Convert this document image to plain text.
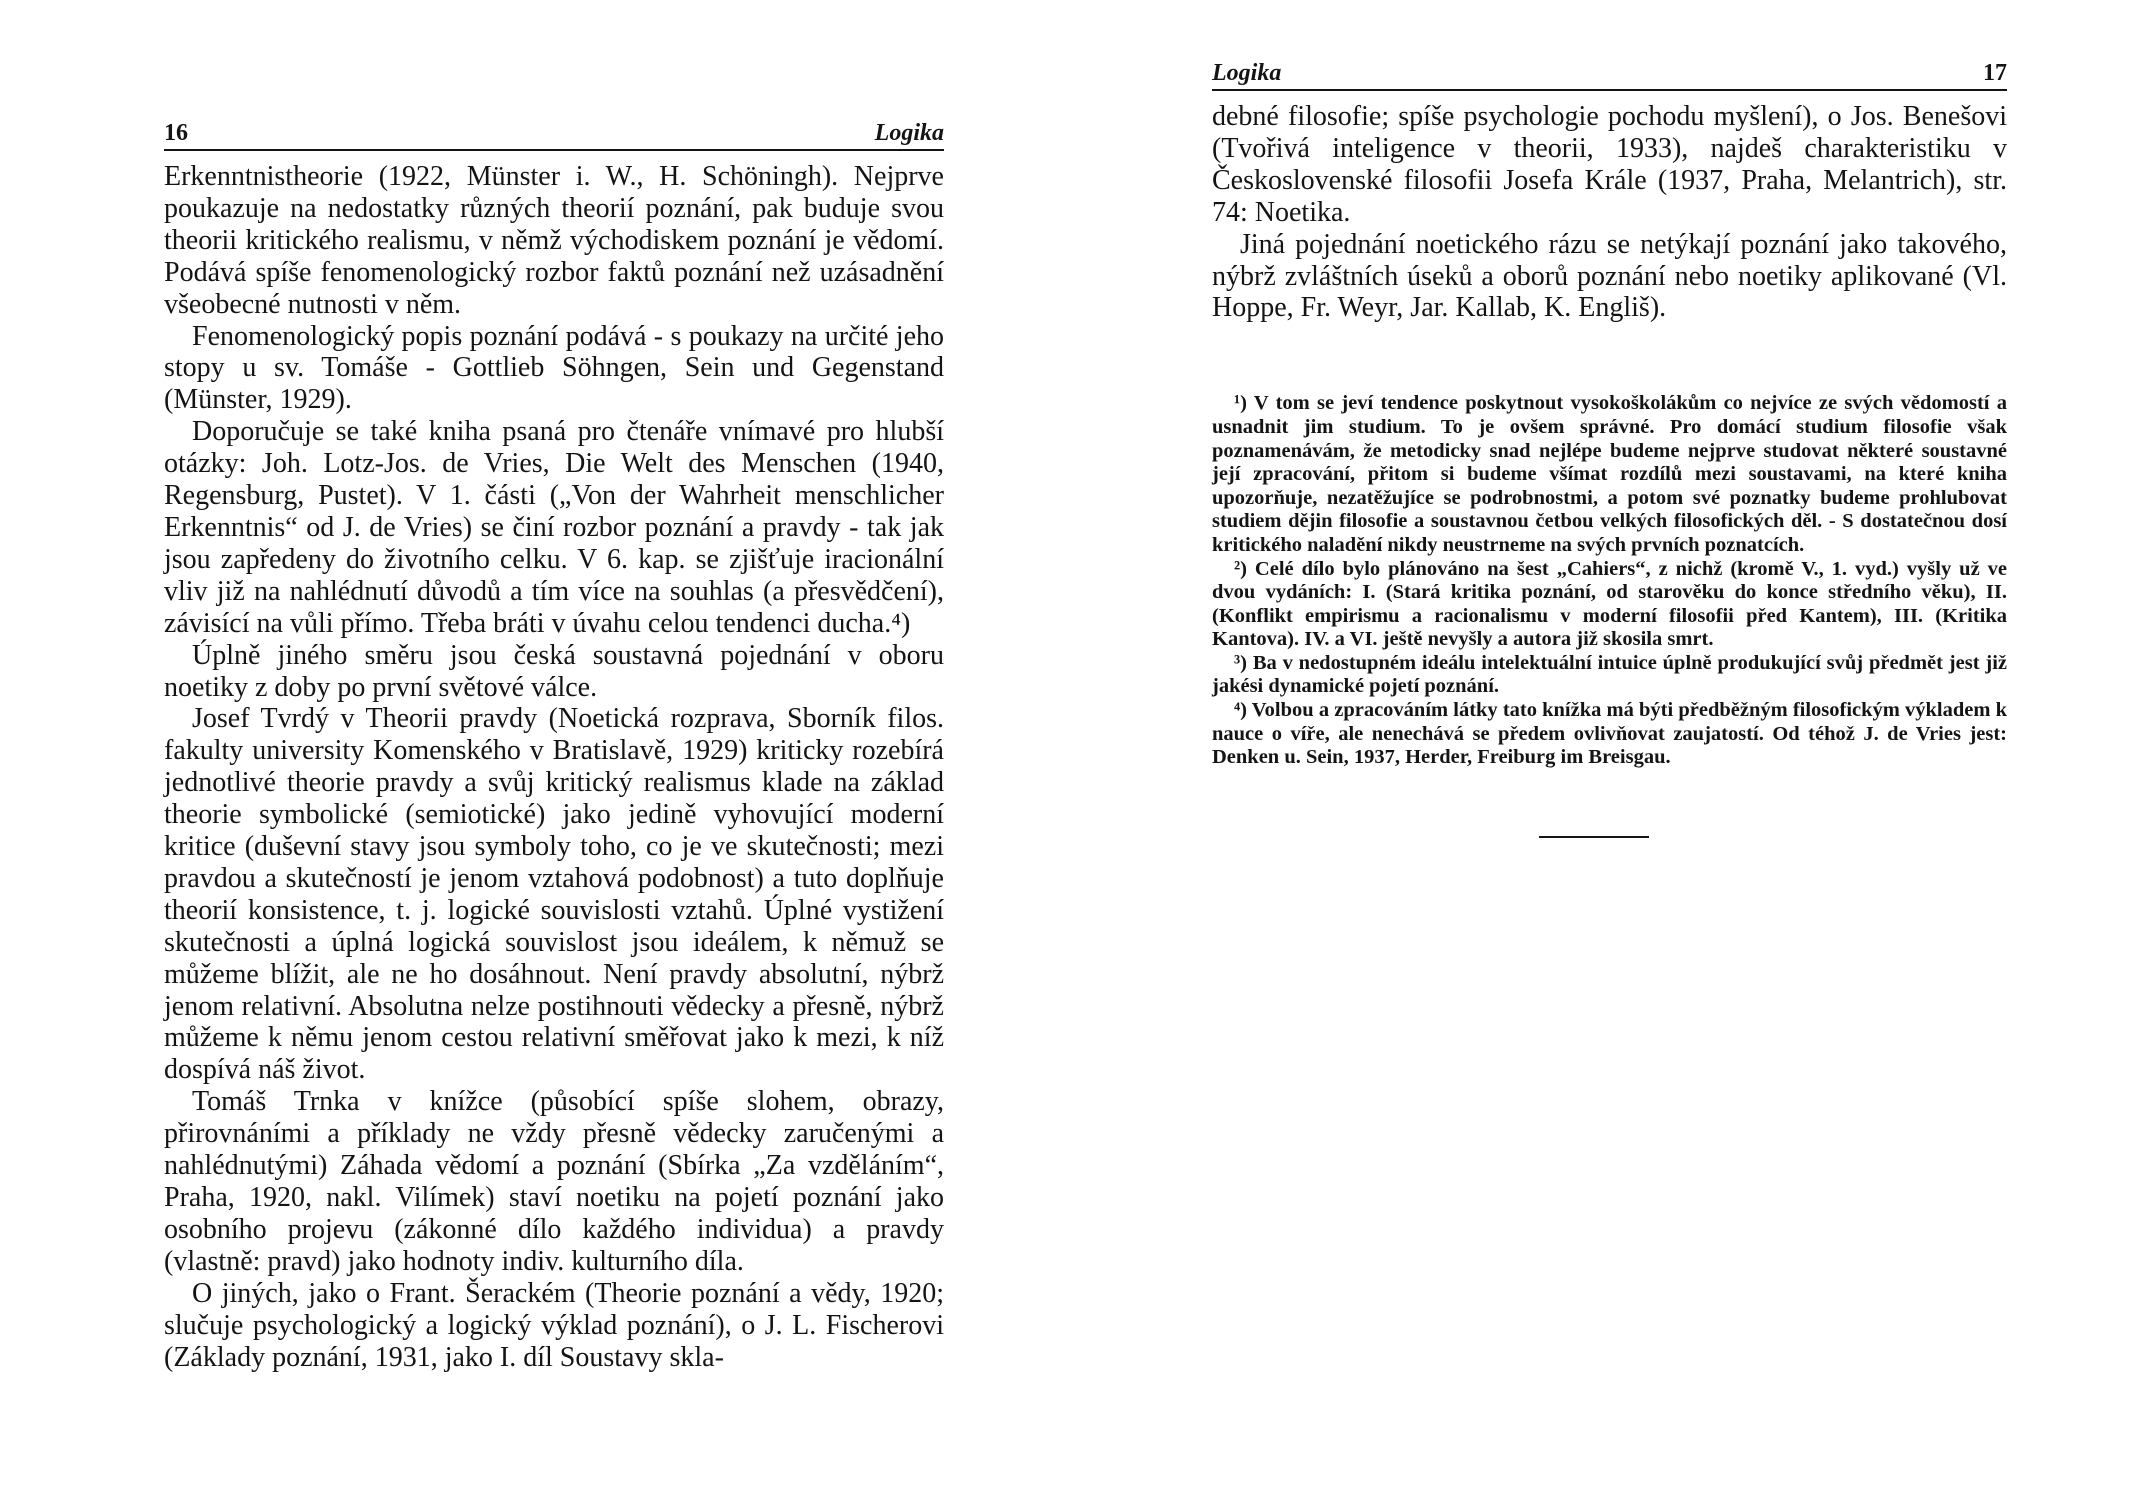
16	Logika

Erkenntnistheorie (1922, Münster i. W., H. Schöningh). Nejprve poukazuje na nedostatky různých theorií poznání, pak buduje svou theorii kritického realismu, v němž východiskem poznání je vědomí. Podává spíše fenomenologický rozbor faktů poznání než uzásadnění všeobecné nutnosti v něm.

Fenomenologický popis poznání podává - s poukazy na určité jeho stopy u sv. Tomáše - Gottlieb Söhngen, Sein und Gegenstand (Münster, 1929).

Doporučuje se také kniha psaná pro čtenáře vnímavé pro hlubší otázky: Joh. Lotz-Jos. de Vries, Die Welt des Menschen (1940, Regensburg, Pustet). V 1. části („Von der Wahrheit menschlicher Erkenntnis“ od J. de Vries) se činí rozbor poznání a pravdy - tak jak jsou zapředeny do životního celku. V 6. kap. se zjišťuje iracionální vliv již na nahlédnutí důvodů a tím více na souhlas (a přesvědčení), závisící na vůli přímo. Třeba bráti v úvahu celou tendenci ducha.⁴)

Úplně jiného směru jsou česká soustavná pojednání v oboru noetiky z doby po první světové válce.

Josef Tvrdý v Theorii pravdy (Noetická rozprava, Sborník filos. fakulty university Komenského v Bratislavě, 1929) kriticky rozebírá jednotlivé theorie pravdy a svůj kritický realismus klade na základ theorie symbolické (semiotické) jako jedině vyhovující moderní kritice (duševní stavy jsou symboly toho, co je ve skutečnosti; mezi pravdou a skutečností je jenom vztahová podobnost) a tuto doplňuje theorií konsistence, t. j. logické souvislosti vztahů. Úplné vystižení skutečnosti a úplná logická souvislost jsou ideálem, k němuž se můžeme blížit, ale ne ho dosáhnout. Není pravdy absolutní, nýbrž jenom relativní. Absolutna nelze postihnouti vědecky a přesně, nýbrž můžeme k němu jenom cestou relativní směřovat jako k mezi, k níž dospívá náš život.

Tomáš Trnka v knížce (působící spíše slohem, obrazy, přirovnáními a příklady ne vždy přesně vědecky zaručenými a nahlédnutými) Záhada vědomí a poznání (Sbírka „Za vzděláním“, Praha, 1920, nakl. Vilímek) staví noetiku na pojetí poznání jako osobního projevu (zákonné dílo každého individua) a pravdy (vlastně: pravd) jako hodnoty indiv. kulturního díla.

O jiných, jako o Frant. Šerackém (Theorie poznání a vědy, 1920; slučuje psychologický a logický výklad poznání), o J. L. Fischerovi (Základy poznání, 1931, jako I. díl Soustavy skla-

Logika	17

debné filosofie; spíše psychologie pochodu myšlení), o Jos. Benešovi (Tvořivá inteligence v theorii, 1933), najdeš charakteristiku v Československé filosofii Josefa Krále (1937, Praha, Melantrich), str. 74: Noetika.

Jiná pojednání noetického rázu se netýkají poznání jako takového, nýbrž zvláštních úseků a oborů poznání nebo noetiky aplikované (Vl. Hoppe, Fr. Weyr, Jar. Kallab, K. Engliš).

¹) V tom se jeví tendence poskytnout vysokoškolákům co nejvíce ze svých vědomostí a usnadnit jim studium. To je ovšem správné. Pro domácí studium filosofie však poznamenávám, že metodicky snad nejlépe budeme nejprve studovat některé soustavné její zpracování, přitom si budeme všímat rozdílů mezi soustavami, na které kniha upozorňuje, nezatěžujíce se podrobnostmi, a potom své poznatky budeme prohlubovat studiem dějin filosofie a soustavnou četbou velkých filosofických děl. - S dostatečnou dosí kritického naladění nikdy neustrneme na svých prvních poznatcích.

²) Celé dílo bylo plánováno na šest „Cahiers“, z nichž (kromě V., 1. vyd.) vyšly už ve dvou vydáních: I. (Stará kritika poznání, od starověku do konce středního věku), II. (Konflikt empirismu a racionalismu v moderní filosofii před Kantem), III. (Kritika Kantova). IV. a VI. ještě nevyšly a autora již skosila smrt.

³) Ba v nedostupném ideálu intelektuální intuice úplně produkující svůj předmět jest již jakési dynamické pojetí poznání.

⁴) Volbou a zpracováním látky tato knížka má býti předběžným filosofickým výkladem k nauce o víře, ale nenechává se předem ovlivňovat zaujatostí. Od téhož J. de Vries jest: Denken u. Sein, 1937, Herder, Freiburg im Breisgau.
